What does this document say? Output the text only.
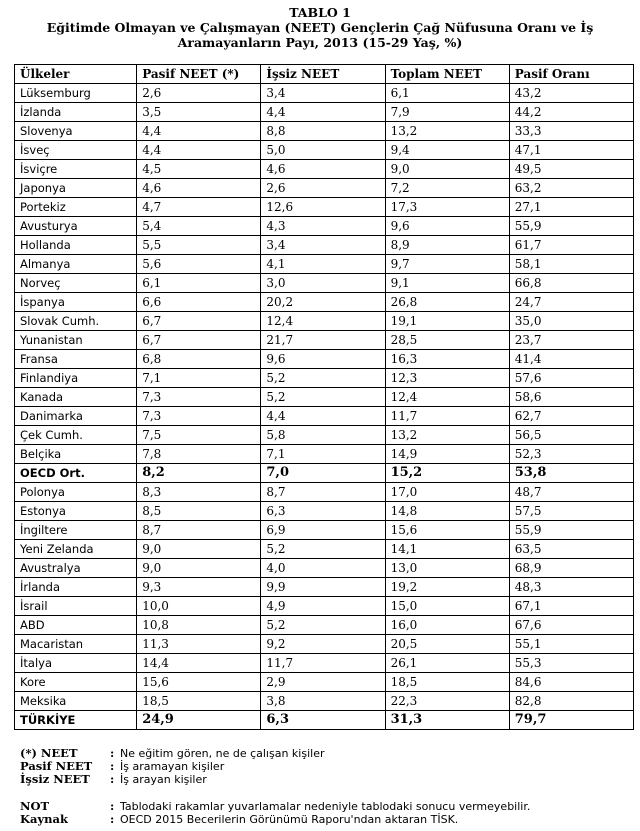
TABLO 1
Eğitimde Olmayan ve Çalışmayan (NEET) Gençlerin Çağ Nüfusuna Oranı ve İş
Aramayanların Payı, 2013 (15-29 Yaş, %)
Ülkeler	Pasif NEET (*)	İşsiz NEET	Toplam NEET	Pasif Oranı
Lüksemburg	2,6	3,4	6,1	43,2
İzlanda	3,5	4,4	7,9	44,2
Slovenya	4,4	8,8	13,2	33,3
İsveç	4,4	5,0	9,4	47,1
İsviçre	4,5	4,6	9,0	49,5
Japonya	4,6	2,6	7,2	63,2
Portekiz	4,7	12,6	17,3	27,1
Avusturya	5,4	4,3	9,6	55,9
Hollanda	5,5	3,4	8,9	61,7
Almanya	5,6	4,1	9,7	58,1
Norveç	6,1	3,0	9,1	66,8
İspanya	6,6	20,2	26,8	24,7
Slovak Cumh.	6,7	12,4	19,1	35,0
Yunanistan	6,7	21,7	28,5	23,7
Fransa	6,8	9,6	16,3	41,4
Finlandiya	7,1	5,2	12,3	57,6
Kanada	7,3	5,2	12,4	58,6
Danimarka	7,3	4,4	11,7	62,7
Çek Cumh.	7,5	5,8	13,2	56,5
Belçika	7,8	7,1	14,9	52,3
OECD Ort.	8,2	7,0	15,2	53,8
Polonya	8,3	8,7	17,0	48,7
Estonya	8,5	6,3	14,8	57,5
İngiltere	8,7	6,9	15,6	55,9
Yeni Zelanda	9,0	5,2	14,1	63,5
Avustralya	9,0	4,0	13,0	68,9
İrlanda	9,3	9,9	19,2	48,3
İsrail	10,0	4,9	15,0	67,1
ABD	10,8	5,2	16,0	67,6
Macaristan	11,3	9,2	20,5	55,1
İtalya	14,4	11,7	26,1	55,3
Kore	15,6	2,9	18,5	84,6
Meksika	18,5	3,8	22,3	82,8
TÜRKİYE	24,9	6,3	31,3	79,7
(*) NEET	: Ne eğitim gören, ne de çalışan kişiler
Pasif NEET	: İş aramayan kişiler
İşsiz NEET	: İş arayan kişiler
NOT	: Tablodaki rakamlar yuvarlamalar nedeniyle tablodaki sonucu vermeyebilir.
Kaynak	: OECD 2015 Becerilerin Görünümü Raporu'ndan aktaran TİSK.
